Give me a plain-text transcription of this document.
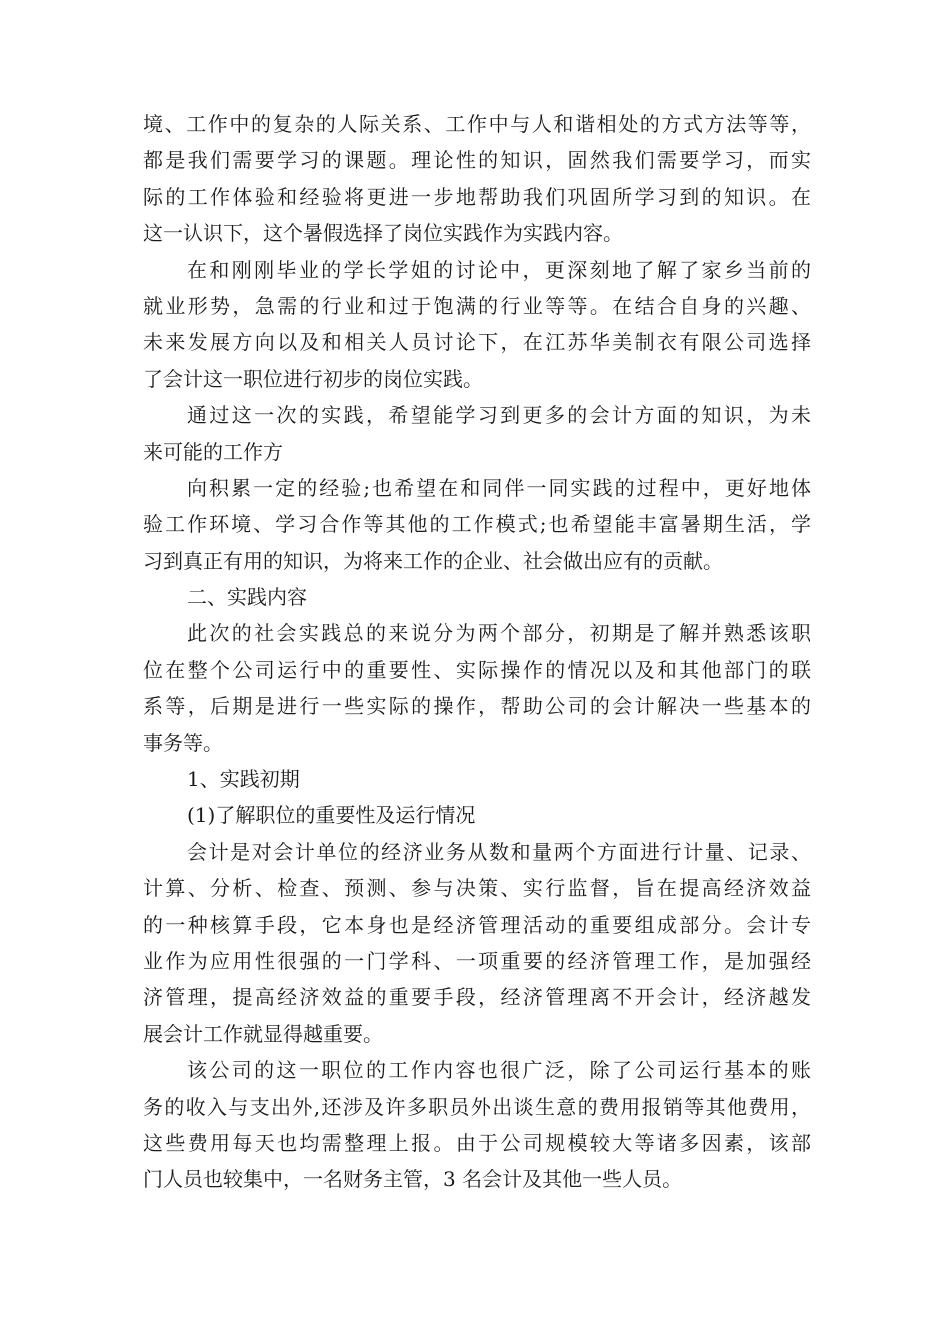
境、工作中的复杂的人际关系、工作中与人和谐相处的方式方法等等，
都是我们需要学习的课题。理论性的知识，固然我们需要学习，而实
际的工作体验和经验将更进一步地帮助我们巩固所学习到的知识。在
这一认识下，这个暑假选择了岗位实践作为实践内容。
在和刚刚毕业的学长学姐的讨论中，更深刻地了解了家乡当前的
就业形势，急需的行业和过于饱满的行业等等。在结合自身的兴趣、
未来发展方向以及和相关人员讨论下，在江苏华美制衣有限公司选择
了会计这一职位进行初步的岗位实践。
通过这一次的实践，希望能学习到更多的会计方面的知识，为未
来可能的工作方
向积累一定的经验;也希望在和同伴一同实践的过程中，更好地体
验工作环境、学习合作等其他的工作模式;也希望能丰富暑期生活，学
习到真正有用的知识，为将来工作的企业、社会做出应有的贡献。
二、实践内容
此次的社会实践总的来说分为两个部分，初期是了解并熟悉该职
位在整个公司运行中的重要性、实际操作的情况以及和其他部门的联
系等，后期是进行一些实际的操作，帮助公司的会计解决一些基本的
事务等。
1、实践初期
(1)了解职位的重要性及运行情况
会计是对会计单位的经济业务从数和量两个方面进行计量、记录、
计算、分析、检查、预测、参与决策、实行监督，旨在提高经济效益
的一种核算手段，它本身也是经济管理活动的重要组成部分。会计专
业作为应用性很强的一门学科、一项重要的经济管理工作，是加强经
济管理，提高经济效益的重要手段，经济管理离不开会计，经济越发
展会计工作就显得越重要。
该公司的这一职位的工作内容也很广泛，除了公司运行基本的账
务的收入与支出外,还涉及许多职员外出谈生意的费用报销等其他费用，
这些费用每天也均需整理上报。由于公司规模较大等诸多因素，该部
门人员也较集中，一名财务主管，3 名会计及其他一些人员。
